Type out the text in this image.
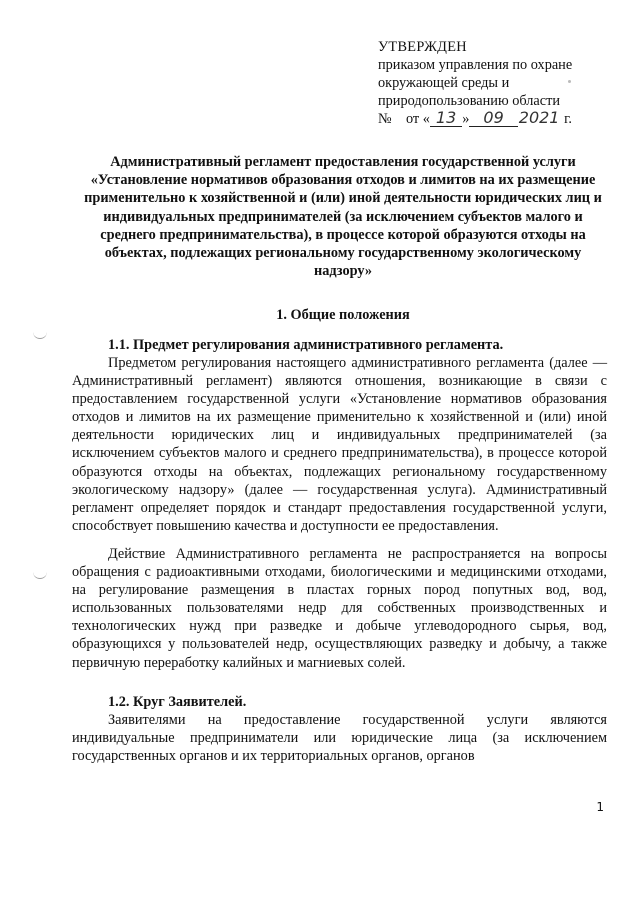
УТВЕРЖДЕН
приказом управления по охране
окружающей среды и
природопользованию области
№ от « 13 » 09 2021 г.
Административный регламент предоставления государственной услуги «Установление нормативов образования отходов и лимитов на их размещение применительно к хозяйственной и (или) иной деятельности юридических лиц и индивидуальных предпринимателей (за исключением субъектов малого и среднего предпринимательства), в процессе которой образуются отходы на объектах, подлежащих региональному государственному экологическому надзору»
1. Общие положения
1.1. Предмет регулирования административного регламента.
Предметом регулирования настоящего административного регламента (далее — Административный регламент) являются отношения, возникающие в связи с предоставлением государственной услуги «Установление нормативов образования отходов и лимитов на их размещение применительно к хозяйственной и (или) иной деятельности юридических лиц и индивидуальных предпринимателей (за исключением субъектов малого и среднего предпринимательства), в процессе которой образуются отходы на объектах, подлежащих региональному государственному экологическому надзору» (далее — государственная услуга). Административный регламент определяет порядок и стандарт предоставления государственной услуги, способствует повышению качества и доступности ее предоставления.
Действие Административного регламента не распространяется на вопросы обращения с радиоактивными отходами, биологическими и медицинскими отходами, на регулирование размещения в пластах горных пород попутных вод, вод, использованных пользователями недр для собственных производственных и технологических нужд при разведке и добыче углеводородного сырья, вод, образующихся у пользователей недр, осуществляющих разведку и добычу, а также первичную переработку калийных и магниевых солей.
1.2. Круг Заявителей.
Заявителями на предоставление государственной услуги являются индивидуальные предприниматели или юридические лица (за исключением государственных органов и их территориальных органов, органов
1
